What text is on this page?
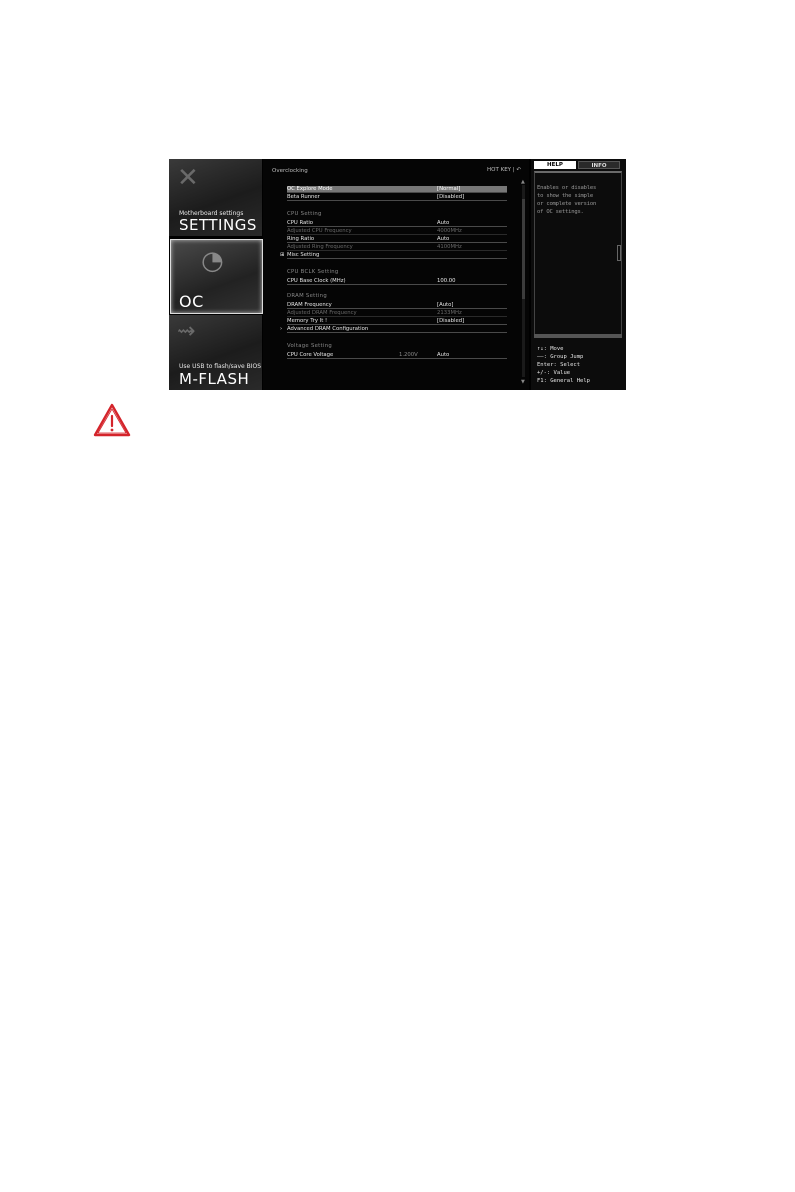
✕
Motherboard settings
SETTINGS
◔
OC
⇝
Use USB to flash/save BIOS
M-FLASH
Overclocking	HOT KEY | ↶
OC Explore Mode	[Normal]
Beta Runner	[Disabled]
CPU Setting
CPU Ratio	Auto
Adjusted CPU Frequency	4000MHz
Ring Ratio	Auto
Adjusted Ring Frequency	4100MHz
⊞ Misc Setting
CPU BCLK Setting
CPU Base Clock (MHz)	100.00
DRAM Setting
DRAM Frequency	[Auto]
Adjusted DRAM Frequency	2133MHz
Memory Try It !	[Disabled]
› Advanced DRAM Configuration
Voltage Setting
CPU Core Voltage	1.200V	Auto
▲
▼
HELP	INFO
Enables or disables
to show the simple
or complete version
of OC settings.
↑↓: Move
——: Group Jump
Enter: Select
+/-: Value
F1: General Help
